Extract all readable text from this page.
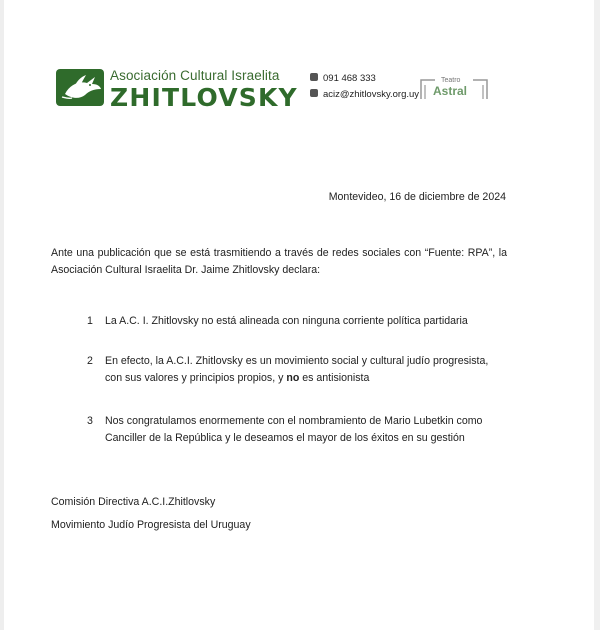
Asociación Cultural Israelita
ZHITLOVSKY
091 468 333
aciz@zhitlovsky.org.uy
Teatro
Astral
Montevideo, 16 de diciembre de 2024
Ante una publicación que se está trasmitiendo a través de redes sociales con “Fuente: RPA”, la Asociación Cultural Israelita Dr. Jaime Zhitlovsky declara:
1 La A.C. I. Zhitlovsky no está alineada con ninguna corriente política partidaria
2 En efecto, la A.C.I. Zhitlovsky es un movimiento social y cultural judío progresista, con sus valores y principios propios, y no es antisionista
3 Nos congratulamos enormemente con el nombramiento de Mario Lubetkin como Canciller de la República y le deseamos el mayor de los éxitos en su gestión
Comisión Directiva A.C.I.Zhitlovsky
Movimiento Judío Progresista del Uruguay
